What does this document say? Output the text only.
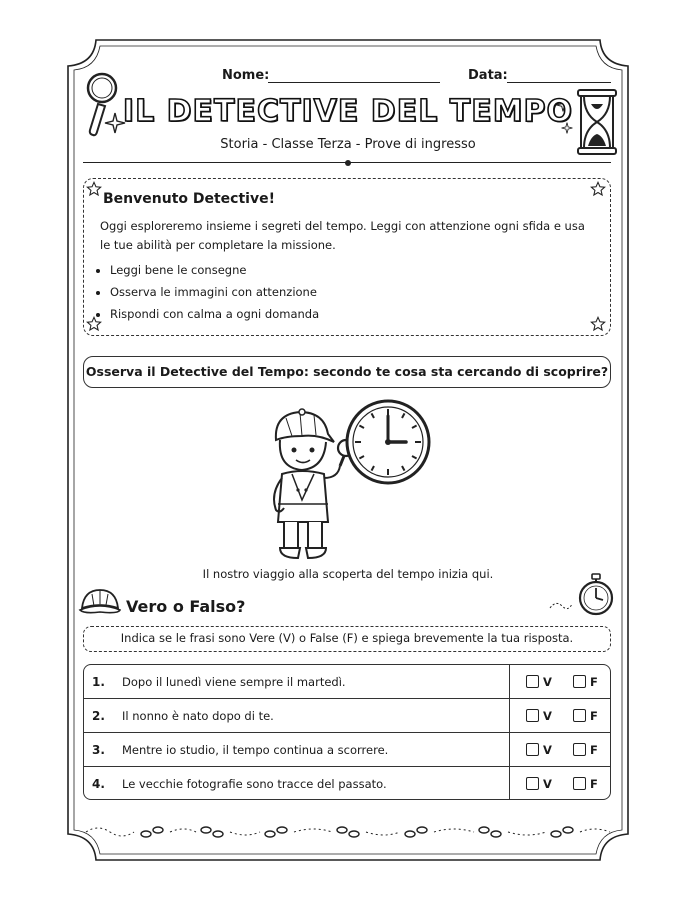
Nome:	Data:
IL DETECTIVE DEL TEMPO
Storia - Classe Terza - Prove di ingresso
Benvenuto Detective!

Oggi esploreremo insieme i segreti del tempo. Leggi con attenzione ogni sfida e usa le tue abilità per completare la missione.

• Leggi bene le consegne
• Osserva le immagini con attenzione
• Rispondi con calma a ogni domanda
Osserva il Detective del Tempo: secondo te cosa sta cercando di scoprire?
Il nostro viaggio alla scoperta del tempo inizia qui.
Vero o Falso?
Indica se le frasi sono Vere (V) o False (F) e spiega brevemente la tua risposta.
1. Dopo il lunedì viene sempre il martedì.	V	F
2. Il nonno è nato dopo di te.	V	F
3. Mentre io studio, il tempo continua a scorrere.	V	F
4. Le vecchie fotografie sono tracce del passato.	V	F
